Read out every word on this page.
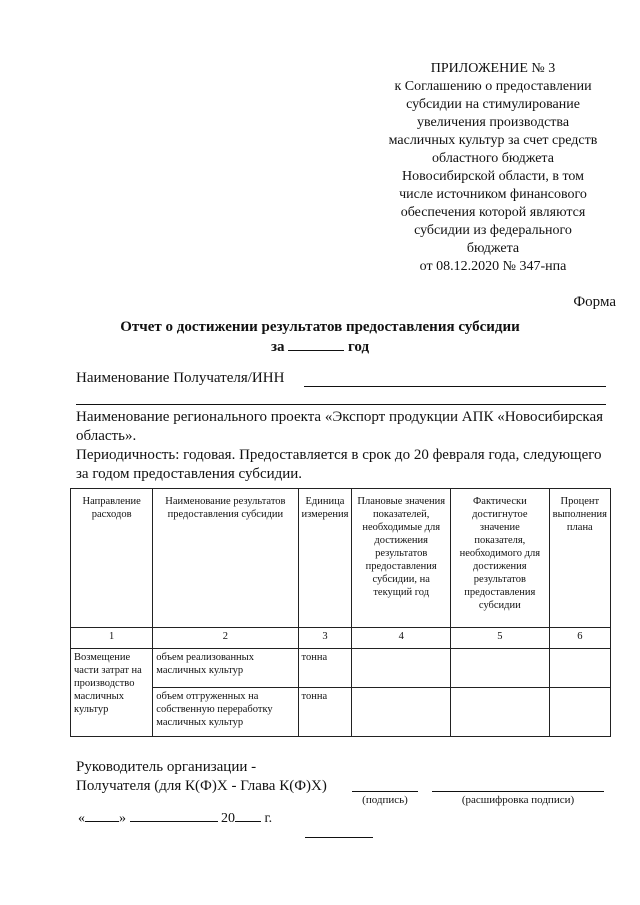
ПРИЛОЖЕНИЕ № 3
к Соглашению о предоставлении
субсидии на стимулирование
увеличения производства
масличных культур за счет средств
областного бюджета
Новосибирской области, в том
числе источником финансового
обеспечения которой являются
субсидии из федерального
бюджета
от 08.12.2020 № 347-нпа
Форма
Отчет о достижении результатов предоставления субсидии
за	год
Наименование Получателя/ИНН
Наименование регионального проекта «Экспорт продукции АПК «Новосибирская область».
Периодичность: годовая. Предоставляется в срок до 20 февраля года, следующего за годом предоставления субсидии.
Направление расходов	Наименование результатов предоставления субсидии	Единица измерения	Плановые значения показателей, необходимые для достижения результатов предоставления субсидии, на текущий год	Фактически достигнутое значение показателя, необходимого для достижения результатов предоставления субсидии	Процент выполнения плана
1	2	3	4	5	6
Возмещение части затрат на производство масличных культур	объем реализованных масличных культур	тонна			
	объем отгруженных на собственную переработку масличных культур	тонна			
Руководитель организации -
Получателя (для К(Ф)Х - Глава К(Ф)Х)
(подпись)	(расшифровка подписи)
« »	20 г.
